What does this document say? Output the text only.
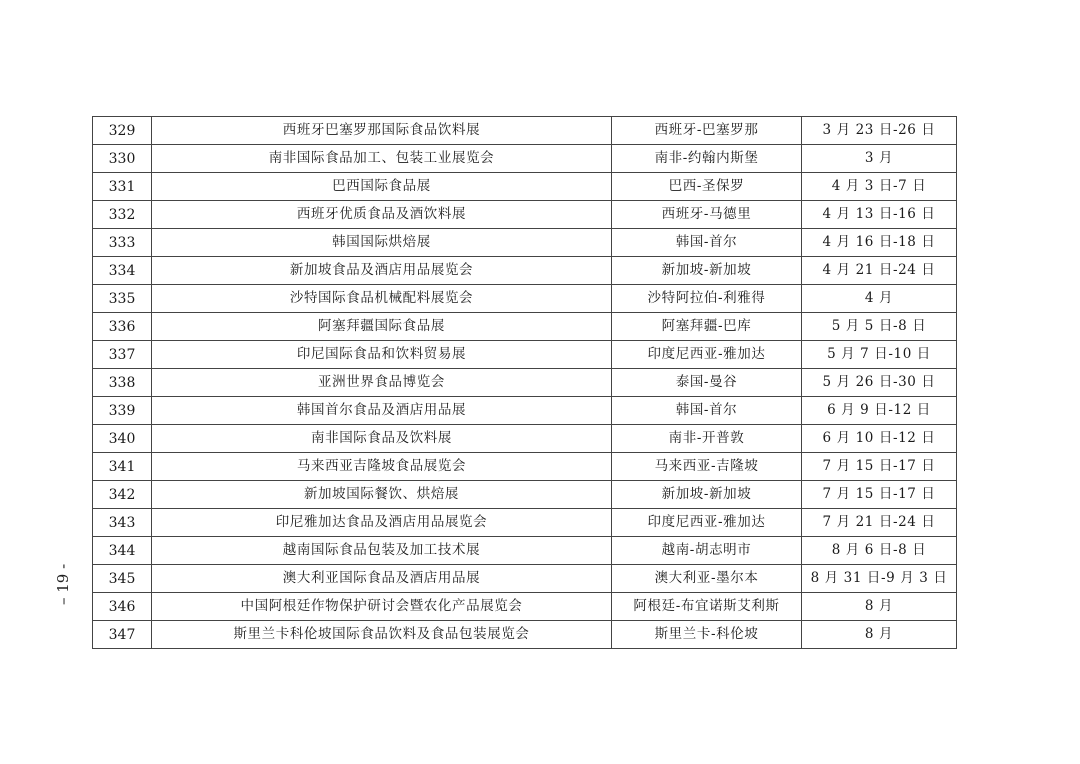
329	西班牙巴塞罗那国际食品饮料展	西班牙-巴塞罗那	3 月 23 日-26 日
330	南非国际食品加工、包装工业展览会	南非-约翰内斯堡	3 月
331	巴西国际食品展	巴西-圣保罗	4 月 3 日-7 日
332	西班牙优质食品及酒饮料展	西班牙-马德里	4 月 13 日-16 日
333	韩国国际烘焙展	韩国-首尔	4 月 16 日-18 日
334	新加坡食品及酒店用品展览会	新加坡-新加坡	4 月 21 日-24 日
335	沙特国际食品机械配料展览会	沙特阿拉伯-利雅得	4 月
336	阿塞拜疆国际食品展	阿塞拜疆-巴库	5 月 5 日-8 日
337	印尼国际食品和饮料贸易展	印度尼西亚-雅加达	5 月 7 日-10 日
338	亚洲世界食品博览会	泰国-曼谷	5 月 26 日-30 日
339	韩国首尔食品及酒店用品展	韩国-首尔	6 月 9 日-12 日
340	南非国际食品及饮料展	南非-开普敦	6 月 10 日-12 日
341	马来西亚吉隆坡食品展览会	马来西亚-吉隆坡	7 月 15 日-17 日
342	新加坡国际餐饮、烘焙展	新加坡-新加坡	7 月 15 日-17 日
343	印尼雅加达食品及酒店用品展览会	印度尼西亚-雅加达	7 月 21 日-24 日
344	越南国际食品包装及加工技术展	越南-胡志明市	8 月 6 日-8 日
345	澳大利亚国际食品及酒店用品展	澳大利亚-墨尔本	8 月 31 日-9 月 3 日
346	中国阿根廷作物保护研讨会暨农化产品展览会	阿根廷-布宜诺斯艾利斯	8 月
347	斯里兰卡科伦坡国际食品饮料及食品包装展览会	斯里兰卡-科伦坡	8 月
– 19 -
